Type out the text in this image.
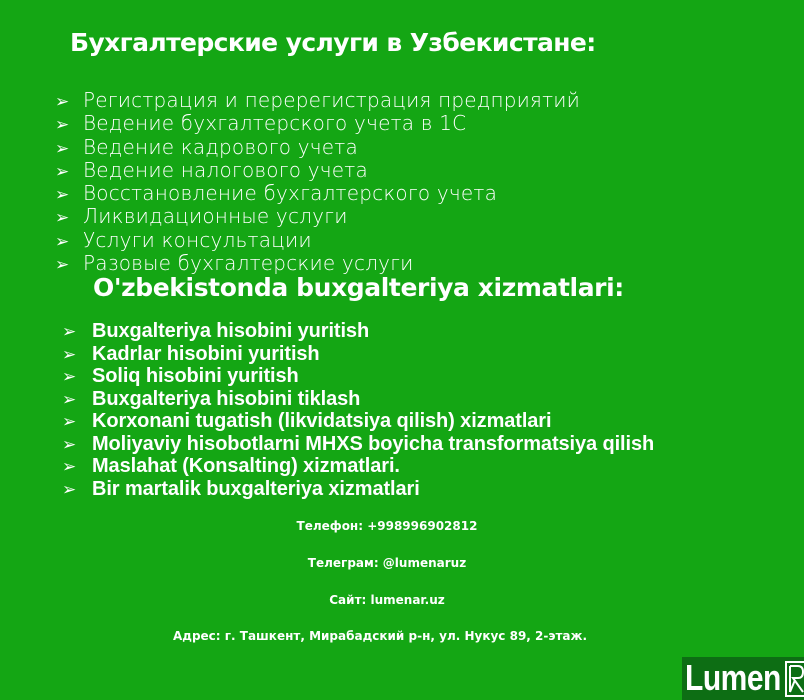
Бухгалтерские услуги в Узбекистане:
➢ Регистрация и перерегистрация предприятий
➢ Ведение бухгалтерского учета в 1С
➢ Ведение кадрового учета
➢ Ведение налогового учета
➢ Восстановление бухгалтерского учета
➢ Ликвидационные услуги
➢ Услуги консультации
➢ Разовые бухгалтерские услуги
O'zbekistonda buxgalteriya xizmatlari:
➢ Buxgalteriya hisobini yuritish
➢ Kadrlar hisobini yuritish
➢ Soliq hisobini yuritish
➢ Buxgalteriya hisobini tiklash
➢ Korxonani tugatish (likvidatsiya qilish) xizmatlari
➢ Moliyaviy hisobotlarni MHXS boyicha transformatsiya qilish
➢ Maslahat (Konsalting) xizmatlari.
➢ Bir martalik buxgalteriya xizmatlari
Телефон: +998996902812
Телеграм: @lumenaruz
Сайт: lumenar.uz
Адрес: г. Ташкент, Мирабадский р-н, ул. Нукус 89, 2-этаж.
Lumen
